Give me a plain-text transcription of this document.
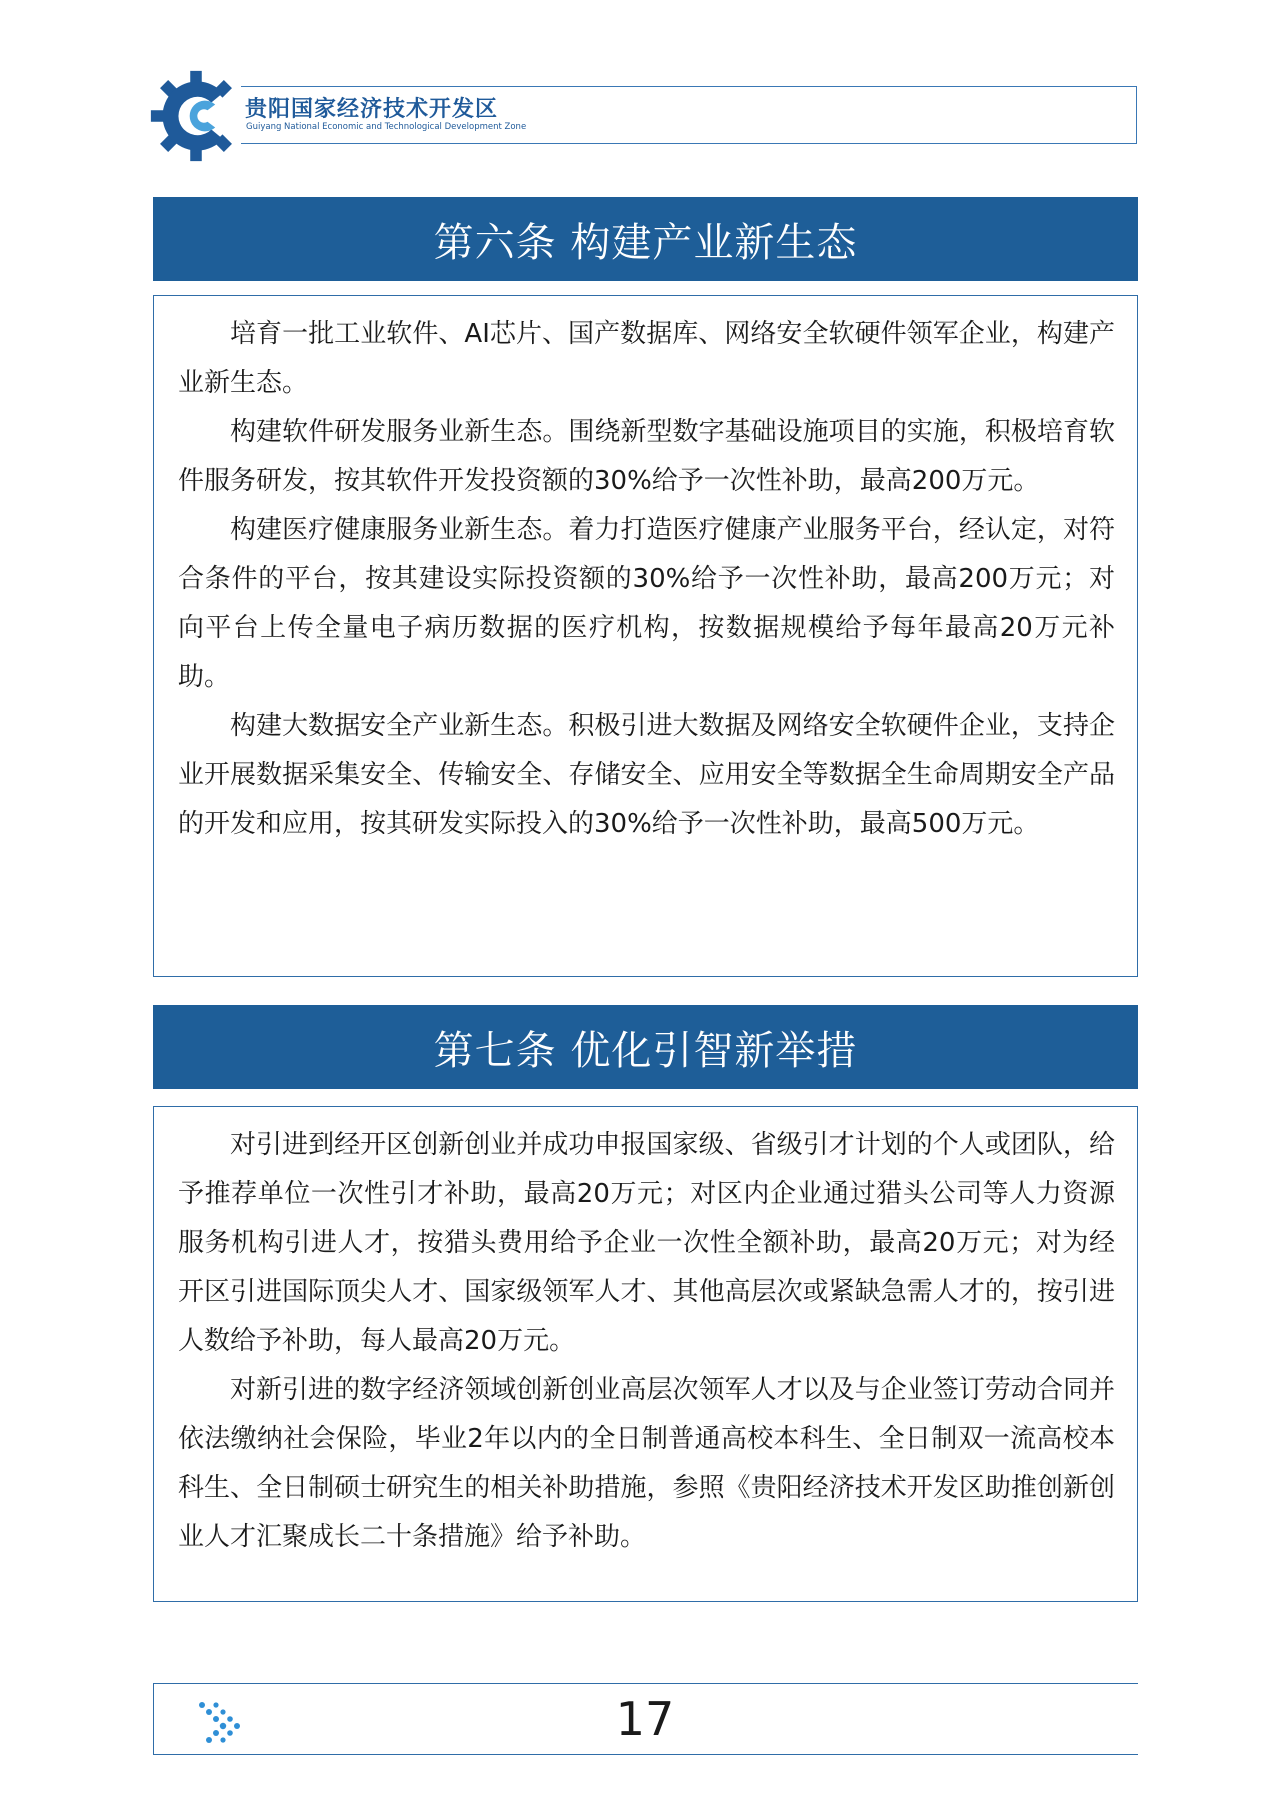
贵阳国家经济技术开发区
Guiyang National Economic and Technological Development Zone
第六条 构建产业新生态

培育一批工业软件、AI芯片、国产数据库、网络安全软硬件领军企业，构建产业新生态。

构建软件研发服务业新生态。围绕新型数字基础设施项目的实施，积极培育软件服务研发，按其软件开发投资额的30%给予一次性补助，最高200万元。

构建医疗健康服务业新生态。着力打造医疗健康产业服务平台，经认定，对符合条件的平台，按其建设实际投资额的30%给予一次性补助，最高200万元；对向平台上传全量电子病历数据的医疗机构，按数据规模给予每年最高20万元补助。

构建大数据安全产业新生态。积极引进大数据及网络安全软硬件企业，支持企业开展数据采集安全、传输安全、存储安全、应用安全等数据全生命周期安全产品的开发和应用，按其研发实际投入的30%给予一次性补助，最高500万元。

第七条 优化引智新举措

对引进到经开区创新创业并成功申报国家级、省级引才计划的个人或团队，给予推荐单位一次性引才补助，最高20万元；对区内企业通过猎头公司等人力资源服务机构引进人才，按猎头费用给予企业一次性全额补助，最高20万元；对为经开区引进国际顶尖人才、国家级领军人才、其他高层次或紧缺急需人才的，按引进人数给予补助，每人最高20万元。

对新引进的数字经济领域创新创业高层次领军人才以及与企业签订劳动合同并依法缴纳社会保险，毕业2年以内的全日制普通高校本科生、全日制双一流高校本科生、全日制硕士研究生的相关补助措施，参照《贵阳经济技术开发区助推创新创业人才汇聚成长二十条措施》给予补助。

17
